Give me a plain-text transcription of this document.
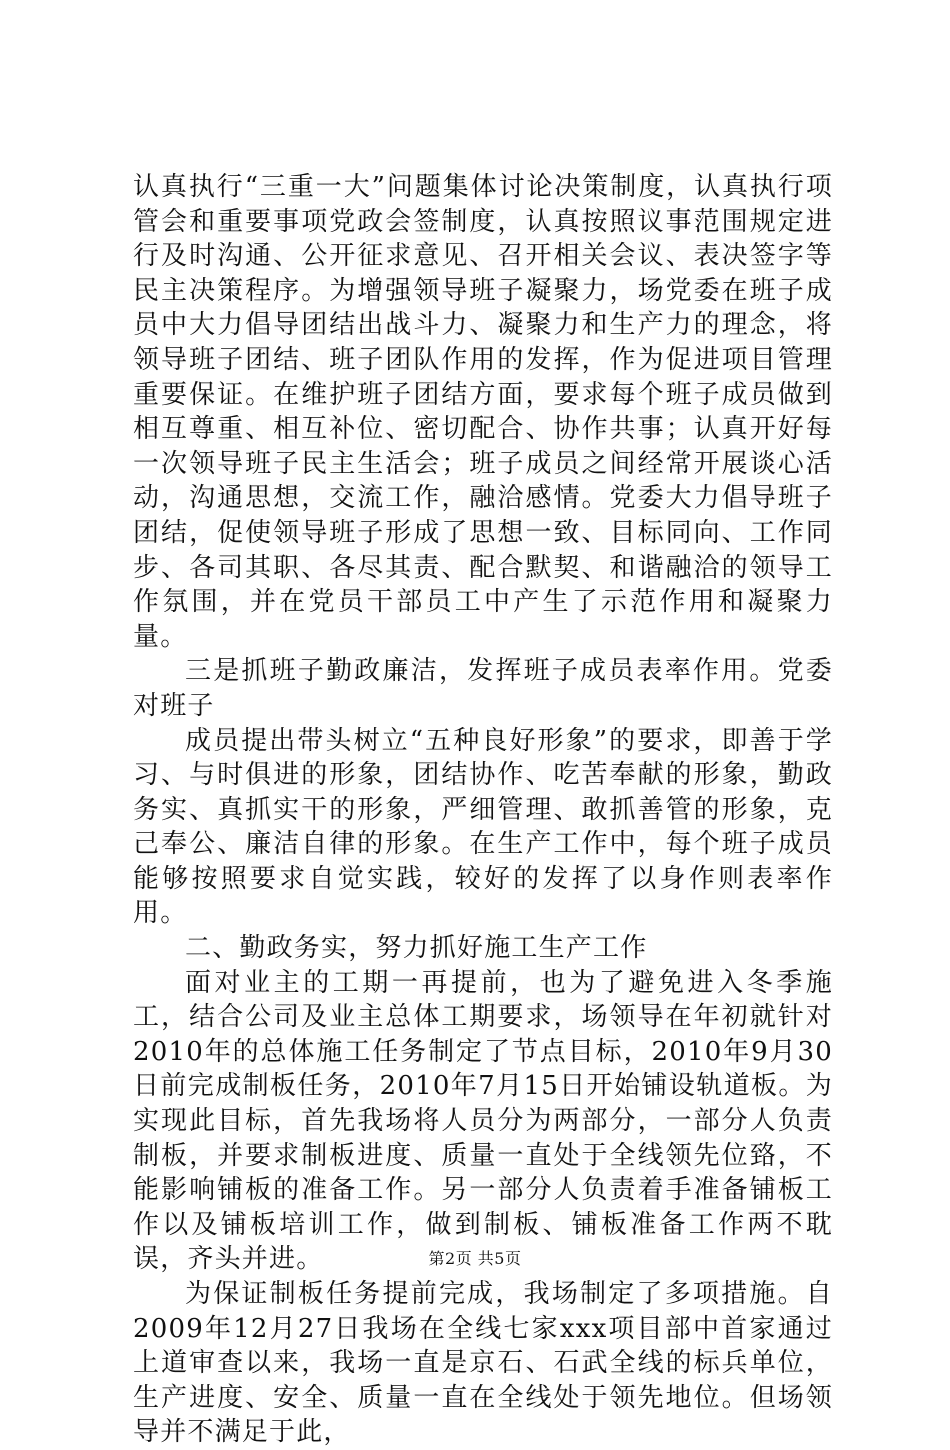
认真执行“三重一大”问题集体讨论决策制度，认真执行项管会和重要事项党政会签制度，认真按照议事范围规定进行及时沟通、公开征求意见、召开相关会议、表决签字等民主决策程序。为增强领导班子凝聚力，场党委在班子成员中大力倡导团结出战斗力、凝聚力和生产力的理念，将领导班子团结、班子团队作用的发挥，作为促进项目管理重要保证。在维护班子团结方面，要求每个班子成员做到相互尊重、相互补位、密切配合、协作共事；认真开好每一次领导班子民主生活会；班子成员之间经常开展谈心活动，沟通思想，交流工作，融洽感情。党委大力倡导班子团结，促使领导班子形成了思想一致、目标同向、工作同步、各司其职、各尽其责、配合默契、和谐融洽的领导工作氛围，并在党员干部员工中产生了示范作用和凝聚力量。

三是抓班子勤政廉洁，发挥班子成员表率作用。党委对班子

成员提出带头树立“五种良好形象”的要求，即善于学习、与时俱进的形象，团结协作、吃苦奉献的形象，勤政务实、真抓实干的形象，严细管理、敢抓善管的形象，克己奉公、廉洁自律的形象。在生产工作中，每个班子成员能够按照要求自觉实践，较好的发挥了以身作则表率作用。

二、勤政务实，努力抓好施工生产工作

面对业主的工期一再提前，也为了避免进入冬季施工，结合公司及业主总体工期要求，场领导在年初就针对2010年的总体施工任务制定了节点目标，2010年9月30日前完成制板任务，2010年7月15日开始铺设轨道板。为实现此目标，首先我场将人员分为两部分，一部分人负责制板，并要求制板进度、质量一直处于全线领先位臵，不能影响铺板的准备工作。另一部分人负责着手准备铺板工作以及铺板培训工作，做到制板、铺板准备工作两不耽误，齐头并进。

为保证制板任务提前完成，我场制定了多项措施。自2009年12月27日我场在全线七家xxx项目部中首家通过上道审查以来，我场一直是京石、石武全线的标兵单位，生产进度、安全、质量一直在全线处于领先地位。但场领导并不满足于此，

第2页 共5页
